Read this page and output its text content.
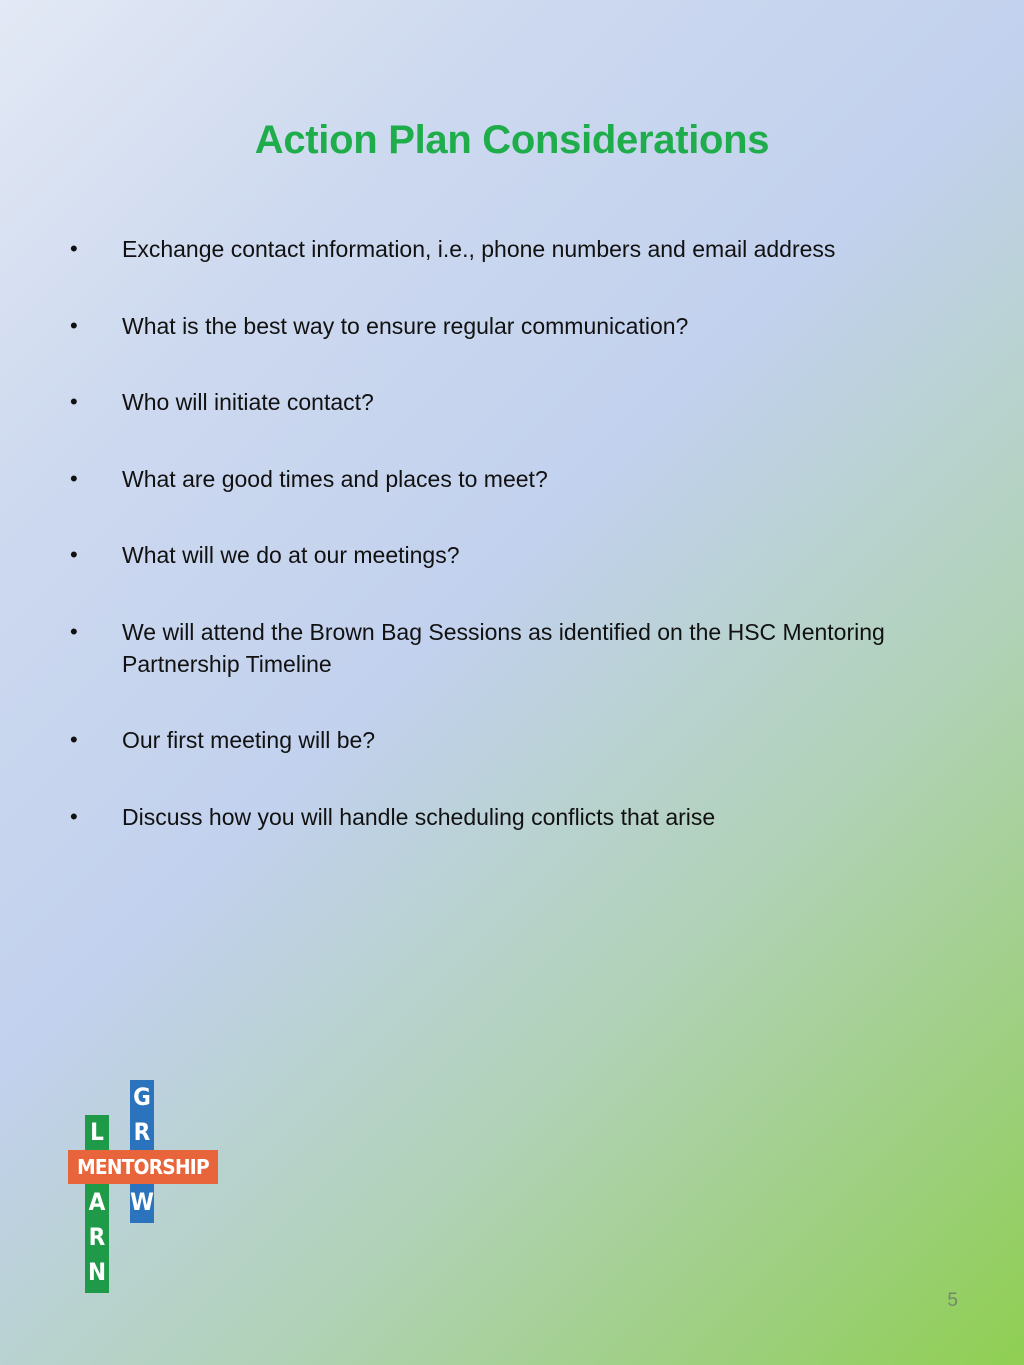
Action Plan Considerations
• Exchange contact information, i.e., phone numbers and email address
• What is the best way to ensure regular communication?
• Who will initiate contact?
• What are good times and places to meet?
• What will we do at our meetings?
• We will attend the Brown Bag Sessions as identified on the HSC Mentoring Partnership Timeline
• Our first meeting will be?
• Discuss how you will handle scheduling conflicts that arise
L
A
R
N
G
R
W
MENTORSHIP
5
